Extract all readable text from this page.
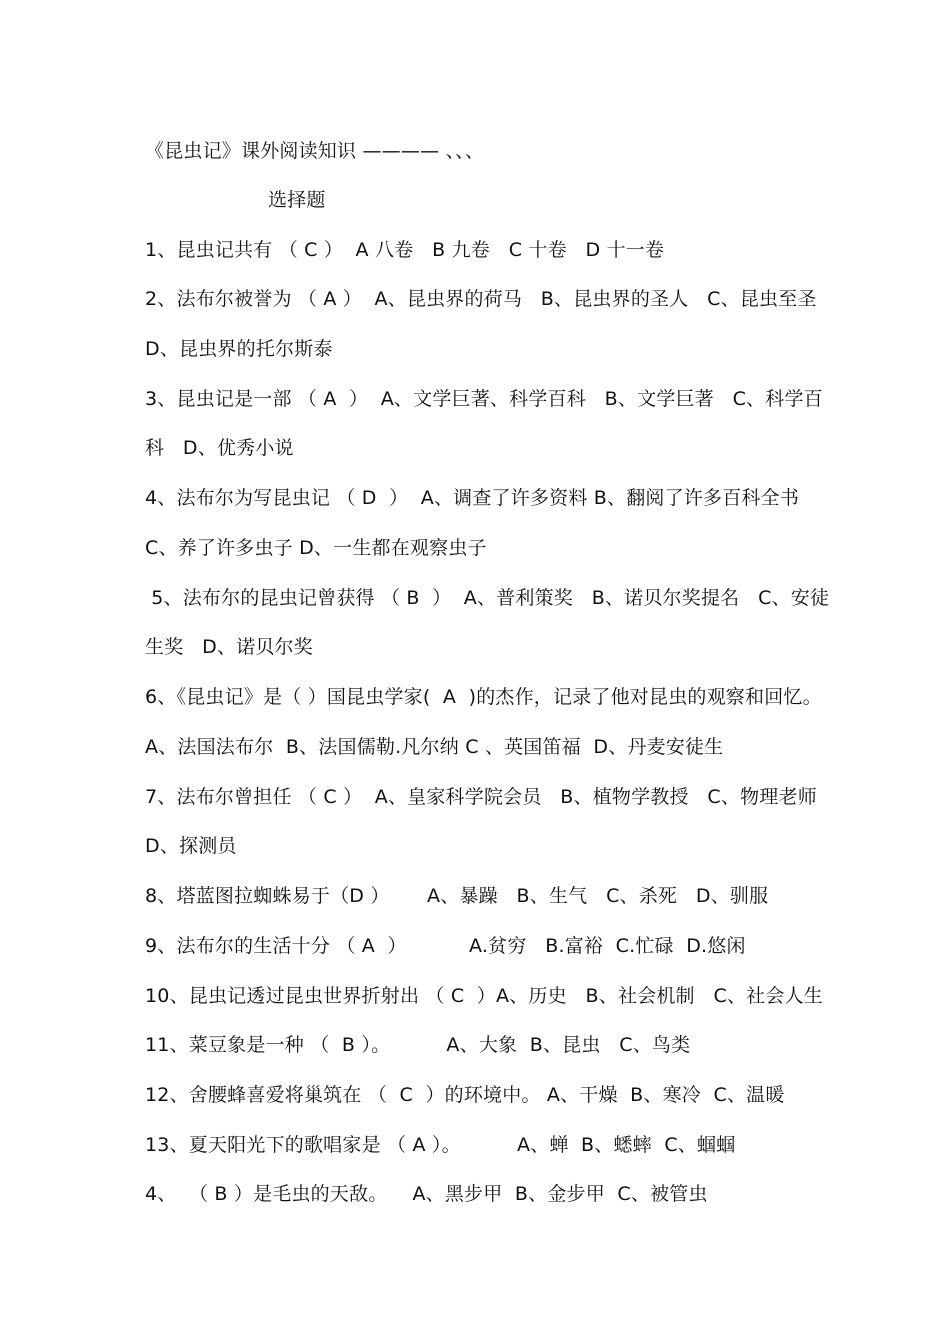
《昆虫记》课外阅读知识 ———— 、、、
选择题
1、昆虫记共有 （ C ）  A 八卷   B 九卷   C 十卷   D 十一卷
2、法布尔被誉为 （ A ）  A、昆虫界的荷马   B、昆虫界的圣人   C、昆虫至圣
D、昆虫界的托尔斯泰
3、昆虫记是一部 （ A  ）  A、文学巨著、科学百科   B、文学巨著   C、科学百
科   D、优秀小说
4、法布尔为写昆虫记 （ D  ）  A、调查了许多资料 B、翻阅了许多百科全书
C、养了许多虫子 D、一生都在观察虫子
5、法布尔的昆虫记曾获得 （ B  ）  A、普利策奖   B、诺贝尔奖提名   C、安徒
生奖   D、诺贝尔奖
6、《昆虫记》是（ ）国昆虫学家(  A  )的杰作，记录了他对昆虫的观察和回忆。
A、法国法布尔  B、法国儒勒.凡尔纳 C 、英国笛福  D、丹麦安徒生
7、法布尔曾担任 （ C ）  A、皇家科学院会员   B、植物学教授   C、物理老师
D、探测员
8、塔蓝图拉蜘蛛易于（D ）      A、暴躁   B、生气   C、杀死   D、驯服
9、法布尔的生活十分 （ A  ）          A.贫穷   B.富裕  C.忙碌  D.悠闲
10、昆虫记透过昆虫世界折射出 （ C  ）A、历史   B、社会机制   C、社会人生
11、菜豆象是一种 （  B ）。         A、大象  B、昆虫   C、鸟类
12、舍腰蜂喜爱将巢筑在 （  C  ）的环境中。 A、干燥  B、寒冷  C、温暖
13、夏天阳光下的歌唱家是 （ A ）。         A、蝉  B、蟋蟀  C、蝈蝈
4、  （ B ）是毛虫的天敌。    A、黑步甲  B、金步甲  C、被管虫
